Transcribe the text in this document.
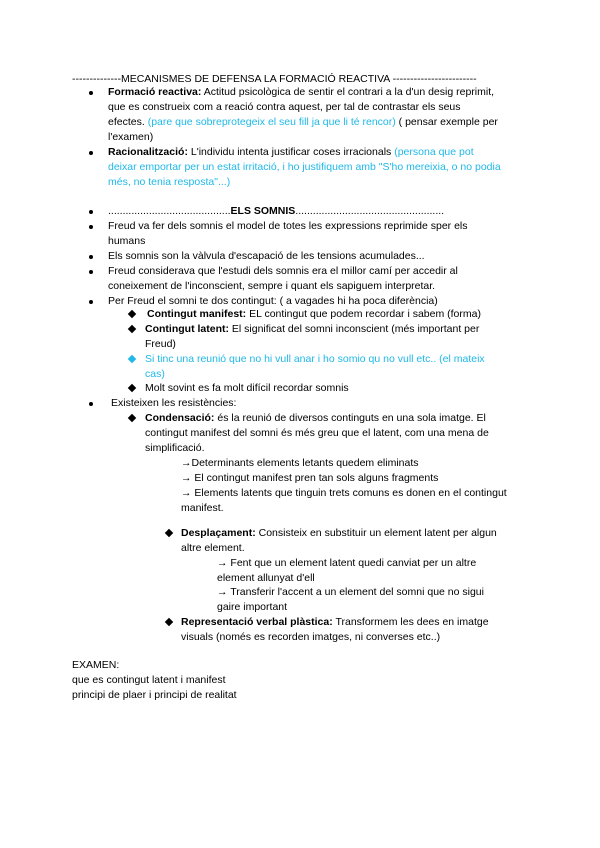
--------------MECANISMES DE DEFENSA LA FORMACIÓ REACTIVA ------------------------
Formació reactiva: Actitud psicològica de sentir el contrari a la d'un desig reprimit,
que es construeix com a reació contra aquest, per tal de contrastar els seus
efectes. (pare que sobreprotegeix el seu fill ja que li té rencor) ( pensar exemple per
l'examen)
Racionalització: L'individu intenta justificar coses irracionals (persona que pot
deixar emportar per un estat irritació, i ho justifiquem amb "S'ho mereixia, o no podia
més, no tenia resposta"...)
..........................................ELS SOMNIS...................................................
Freud va fer dels somnis el model de totes les expressions reprimide sper els
humans
Els somnis son la vàlvula d'escapació de les tensions acumulades...
Freud considerava que l'estudi dels somnis era el millor camí per accedir al
coneixement de l'inconscient, sempre i quant els sapiguem interpretar.
Per Freud el somni te dos contingut: ( a vagades hi ha poca diferència)
Contingut manifest: EL contingut que podem recordar i sabem (forma)
Contingut latent: El significat del somni inconscient (més important per
Freud)
Si tinc una reunió que no hi vull anar i ho somio qu no vull etc.. (el mateix
cas)
Molt sovint es fa molt difícil recordar somnis
Existeixen les resistències:
Condensació: és la reunió de diversos continguts en una sola imatge. El
contingut manifest del somni és més greu que el latent, com una mena de
simplificació.
→Determinants elements letants quedem eliminats
→ El contingut manifest pren tan sols alguns fragments
→ Elements latents que tinguin trets comuns es donen en el contingut
manifest.
Desplaçament: Consisteix en substituir un element latent per algun
altre element.
→ Fent que un element latent quedi canviat per un altre
element allunyat d'ell
→ Transferir l'accent a un element del somni que no sigui
gaire important
Representació verbal plàstica: Transformem les dees en imatge
visuals (només es recorden imatges, ni converses etc..)
EXAMEN:
que es contingut latent i manifest
principi de plaer i principi de realitat
